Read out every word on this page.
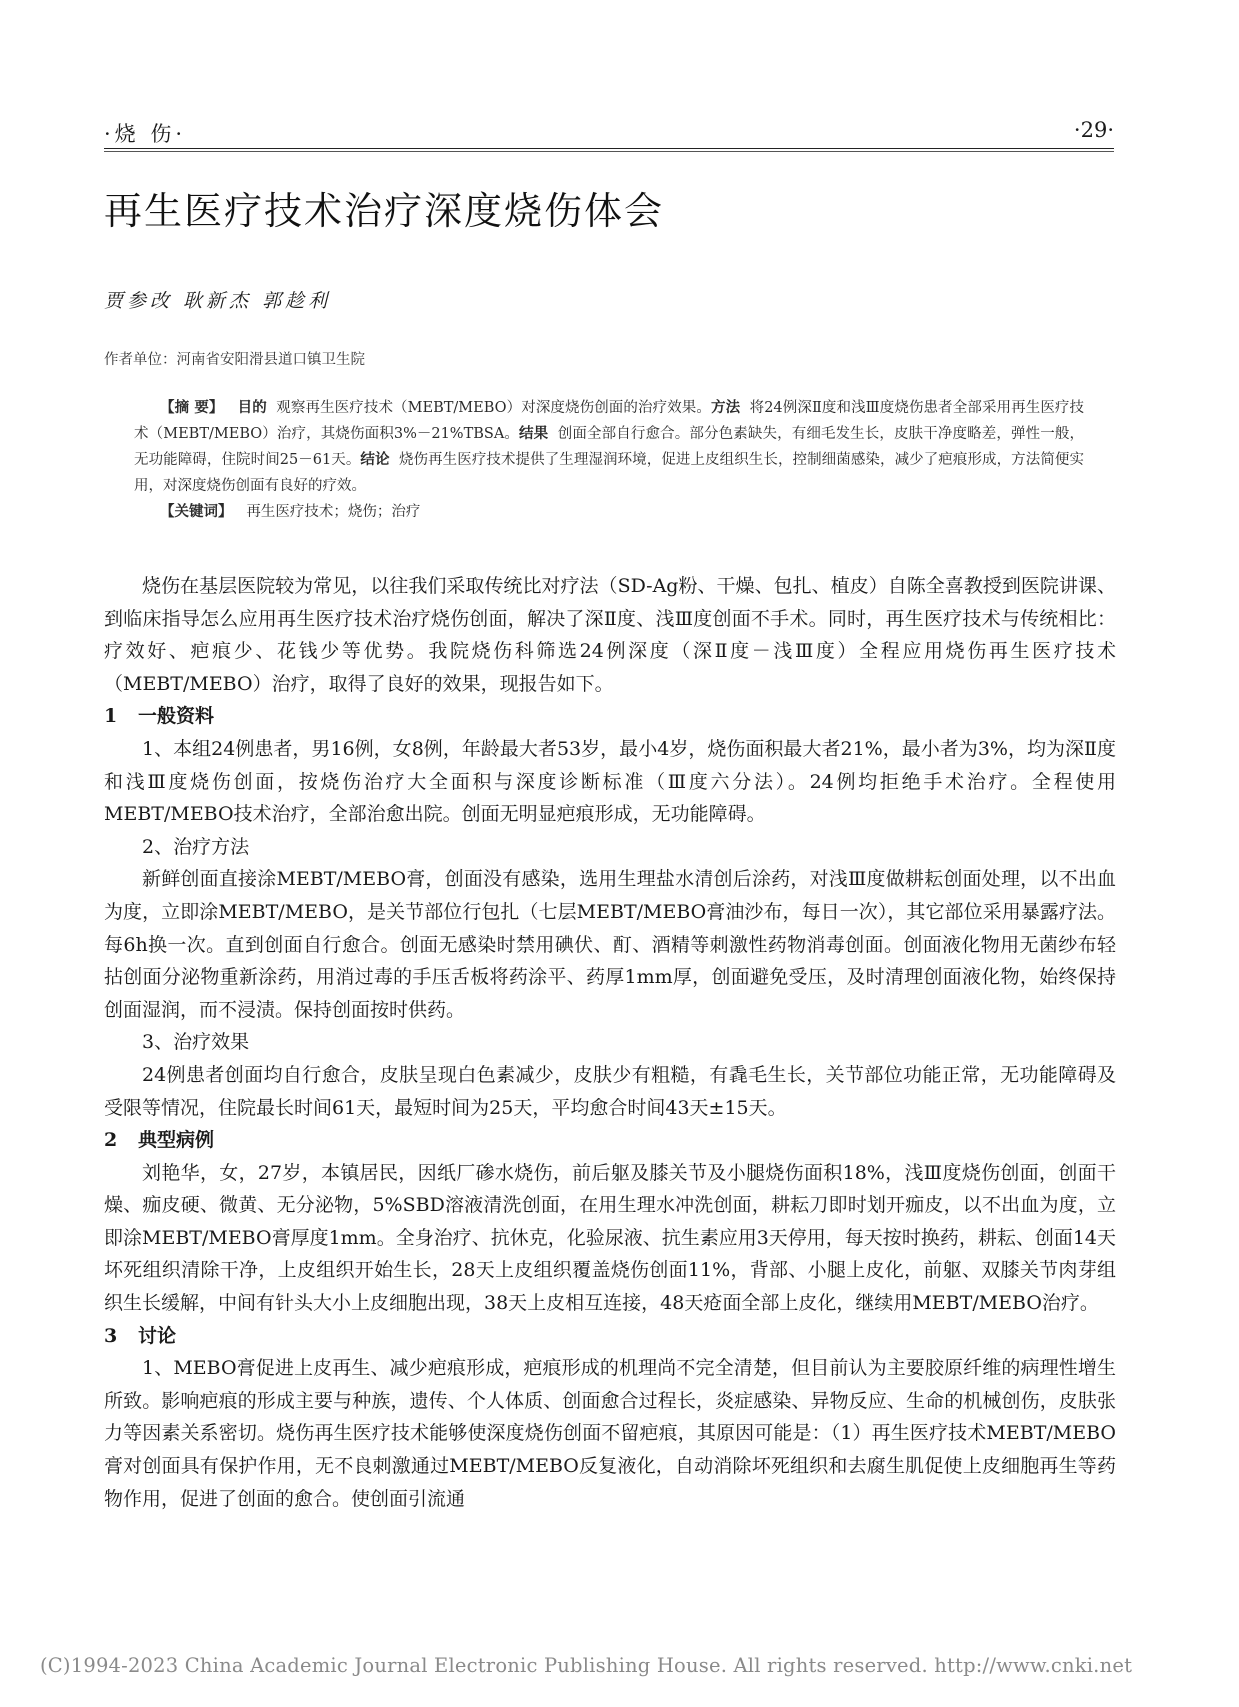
·烧 伤·	·29·
再生医疗技术治疗深度烧伤体会
贾参改 耿新杰 郭趁利
作者单位：河南省安阳滑县道口镇卫生院

【摘 要】 目的 观察再生医疗技术（MEBT/MEBO）对深度烧伤创面的治疗效果。方法 将24例深Ⅱ度和浅Ⅲ度烧伤患者全部采用再生医疗技术（MEBT/MEBO）治疗，其烧伤面积3%－21%TBSA。结果 创面全部自行愈合。部分色素缺失，有细毛发生长，皮肤干净度略差，弹性一般，无功能障碍，住院时间25－61天。结论 烧伤再生医疗技术提供了生理湿润环境，促进上皮组织生长，控制细菌感染，减少了疤痕形成，方法简便实用，对深度烧伤创面有良好的疗效。

【关键词】 再生医疗技术；烧伤；治疗

烧伤在基层医院较为常见，以往我们采取传统比对疗法（SD-Ag粉、干燥、包扎、植皮）自陈全喜教授到医院讲课、到临床指导怎么应用再生医疗技术治疗烧伤创面，解决了深Ⅱ度、浅Ⅲ度创面不手术。同时，再生医疗技术与传统相比：疗效好、疤痕少、花钱少等优势。我院烧伤科筛选24例深度（深Ⅱ度－浅Ⅲ度）全程应用烧伤再生医疗技术（MEBT/MEBO）治疗，取得了良好的效果，现报告如下。

1 一般资料

1、本组24例患者，男16例，女8例，年龄最大者53岁，最小4岁，烧伤面积最大者21%，最小者为3%，均为深Ⅱ度和浅Ⅲ度烧伤创面，按烧伤治疗大全面积与深度诊断标准（Ⅲ度六分法）。24例均拒绝手术治疗。全程使用MEBT/MEBO技术治疗，全部治愈出院。创面无明显疤痕形成，无功能障碍。

2、治疗方法

新鲜创面直接涂MEBT/MEBO膏，创面没有感染，选用生理盐水清创后涂药，对浅Ⅲ度做耕耘创面处理，以不出血为度，立即涂MEBT/MEBO，是关节部位行包扎（七层MEBT/MEBO膏油沙布，每日一次），其它部位采用暴露疗法。每6h换一次。直到创面自行愈合。创面无感染时禁用碘伏、酊、酒精等刺激性药物消毒创面。创面液化物用无菌纱布轻拈创面分泌物重新涂药，用消过毒的手压舌板将药涂平、药厚1mm厚，创面避免受压，及时清理创面液化物，始终保持创面湿润，而不浸渍。保持创面按时供药。

3、治疗效果

24例患者创面均自行愈合，皮肤呈现白色素减少，皮肤少有粗糙，有毳毛生长，关节部位功能正常，无功能障碍及受限等情况，住院最长时间61天，最短时间为25天，平均愈合时间43天±15天。

2 典型病例

刘艳华，女，27岁，本镇居民，因纸厂碜水烧伤，前后躯及膝关节及小腿烧伤面积18%，浅Ⅲ度烧伤创面，创面干燥、痂皮硬、微黄、无分泌物，5%SBD溶液清洗创面，在用生理水冲洗创面，耕耘刀即时划开痂皮，以不出血为度，立即涂MEBT/MEBO膏厚度1mm。全身治疗、抗休克，化验尿液、抗生素应用3天停用，每天按时换药，耕耘、创面14天坏死组织清除干净，上皮组织开始生长，28天上皮组织覆盖烧伤创面11%，背部、小腿上皮化，前躯、双膝关节肉芽组织生长缓解，中间有针头大小上皮细胞出现，38天上皮相互连接，48天疮面全部上皮化，继续用MEBT/MEBO治疗。

3 讨论

1、MEBO膏促进上皮再生、减少疤痕形成，疤痕形成的机理尚不完全清楚，但目前认为主要胶原纤维的病理性增生所致。影响疤痕的形成主要与种族，遗传、个人体质、创面愈合过程长，炎症感染、异物反应、生命的机械创伤，皮肤张力等因素关系密切。烧伤再生医疗技术能够使深度烧伤创面不留疤痕，其原因可能是：（1）再生医疗技术MEBT/MEBO膏对创面具有保护作用，无不良刺激通过MEBT/MEBO反复液化，自动消除坏死组织和去腐生肌促使上皮细胞再生等药物作用，促进了创面的愈合。使创面引流通

(C)1994-2023 China Academic Journal Electronic Publishing House. All rights reserved. http://www.cnki.net
